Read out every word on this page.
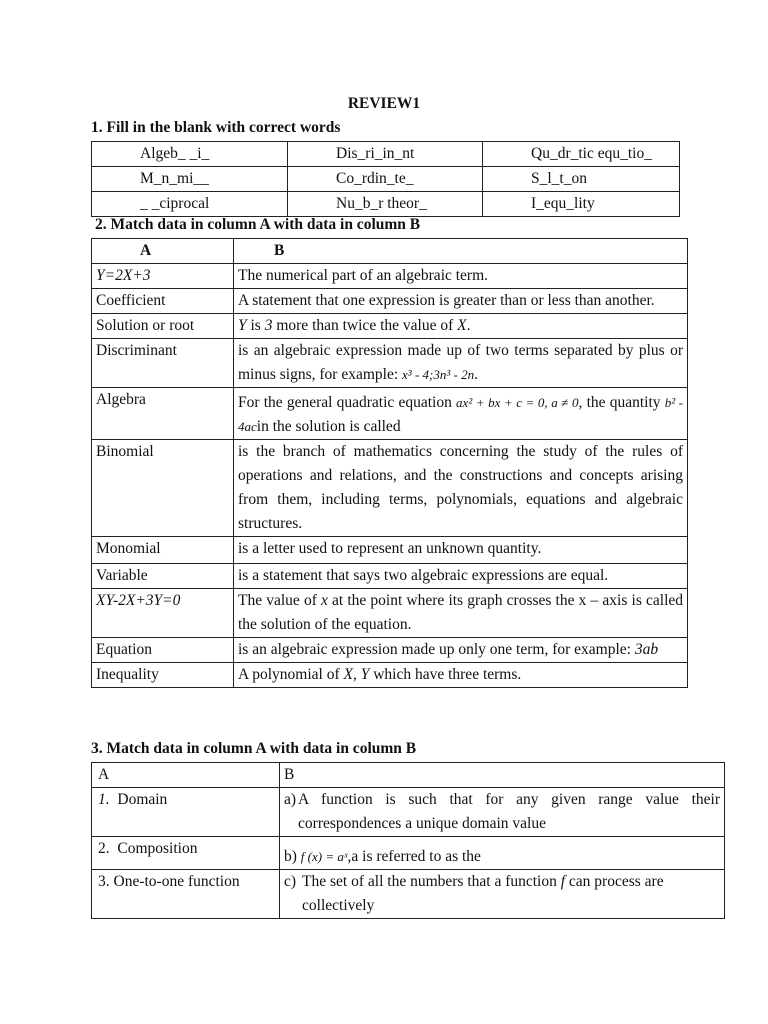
REVIEW1
1. Fill in the blank with correct words
Algeb_ _i_	Dis_ri_in_nt	Qu_dr_tic equ_tio_
M_n_mi__	Co_rdin_te_	S_l_t_on
_ _ciprocal	Nu_b_r theor_	I_equ_lity
2. Match data in column A with data in column B
A	B
Y=2X+3	The numerical part of an algebraic term.
Coefficient	A statement that one expression is greater than or less than another.
Solution or root	Y is 3 more than twice the value of X.
Discriminant	is an algebraic expression made up of two terms separated by plus or minus signs, for example: x³ - 4;3n³ - 2n.
Algebra	For the general quadratic equation ax² + bx + c = 0, a ≠ 0, the quantity b² - 4acin the solution is called
Binomial	is the branch of mathematics concerning the study of the rules of operations and relations, and the constructions and concepts arising from them, including terms, polynomials, equations and algebraic structures.
Monomial	is a letter used to represent an unknown quantity.
Variable	is a statement that says two algebraic expressions are equal.
XY-2X+3Y=0	The value of x at the point where its graph crosses the x – axis is called the solution of the equation.
Equation	is an algebraic expression made up only one term, for example: 3ab
Inequality	A polynomial of X, Y which have three terms.
3. Match data in column A with data in column B
A	B
1. Domain	a) A function is such that for any given range value their correspondences a unique domain value

2. Composition	b) f (x) = aˣ,a is referred to as the
3. One-to-one function	c) The set of all the numbers that a function f can process are collectively
